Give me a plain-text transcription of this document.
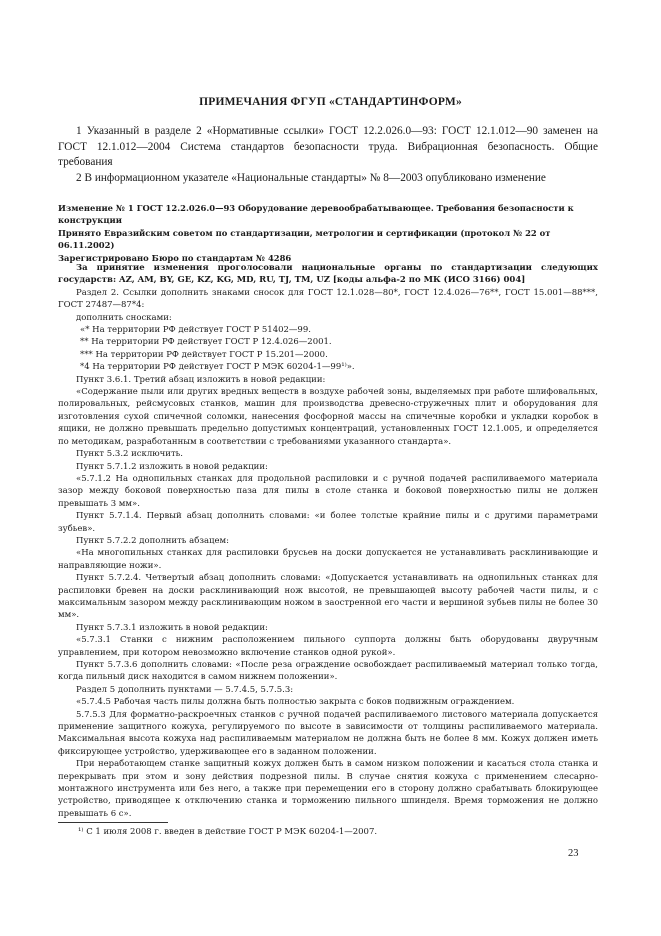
ПРИМЕЧАНИЯ ФГУП «СТАНДАРТИНФОРМ»

1 Указанный в разделе 2 «Нормативные ссылки» ГОСТ 12.2.026.0—93: ГОСТ 12.1.012—90 заменен на ГОСТ 12.1.012—2004 Система стандартов безопасности труда. Вибрационная безопасность. Общие требования

2 В информационном указателе «Национальные стандарты» № 8—2003 опубликовано изменение

Изменение № 1 ГОСТ 12.2.026.0—93 Оборудование деревообрабатывающее. Требования безопасности к конструкции

Принято Евразийским советом по стандартизации, метрологии и сертификации (протокол № 22 от 06.11.2002)

Зарегистрировано Бюро по стандартам № 4286

За принятие изменения проголосовали национальные органы по стандартизации следующих государств: AZ, AM, BY, GE, KZ, KG, MD, RU, TJ, TM, UZ [коды альфа-2 по МК (ИСО 3166) 004]

Раздел 2. Ссылки дополнить знаками сносок для ГОСТ 12.1.028—80*, ГОСТ 12.4.026—76**, ГОСТ 15.001—88***, ГОСТ 27487—87*4:

дополнить сносками:

«* На территории РФ действует ГОСТ Р 51402—99.

** На территории РФ действует ГОСТ Р 12.4.026—2001.

*** На территории РФ действует ГОСТ Р 15.201—2000.

*4 На территории РФ действует ГОСТ Р МЭК 60204-1—99¹⁾».

Пункт 3.6.1. Третий абзац изложить в новой редакции:

«Содержание пыли или других вредных веществ в воздухе рабочей зоны, выделяемых при работе шлифовальных, полировальных, рейсмусовых станков, машин для производства древесно-стружечных плит и оборудования для изготовления сухой спичечной соломки, нанесения фосфорной массы на спичечные коробки и укладки коробок в ящики, не должно превышать предельно допустимых концентраций, установленных ГОСТ 12.1.005, и определяется по методикам, разработанным в соответствии с требованиями указанного стандарта».

Пункт 5.3.2 исключить.

Пункт 5.7.1.2 изложить в новой редакции:

«5.7.1.2 На однопильных станках для продольной распиловки и с ручной подачей распиливаемого материала зазор между боковой поверхностью паза для пилы в столе станка и боковой поверхностью пилы не должен превышать 3 мм».

Пункт 5.7.1.4. Первый абзац дополнить словами: «и более толстые крайние пилы и с другими параметрами зубьев».

Пункт 5.7.2.2 дополнить абзацем:

«На многопильных станках для распиловки брусьев на доски допускается не устанавливать расклинивающие и направляющие ножи».

Пункт 5.7.2.4. Четвертый абзац дополнить словами: «Допускается устанавливать на однопильных станках для распиловки бревен на доски расклинивающий нож высотой, не превышающей высоту рабочей части пилы, и с максимальным зазором между расклинивающим ножом в заостренной его части и вершиной зубьев пилы не более 30 мм».

Пункт 5.7.3.1 изложить в новой редакции:

«5.7.3.1 Станки с нижним расположением пильного суппорта должны быть оборудованы двуручным управлением, при котором невозможно включение станков одной рукой».

Пункт 5.7.3.6 дополнить словами: «После реза ограждение освобождает распиливаемый материал только тогда, когда пильный диск находится в самом нижнем положении».

Раздел 5 дополнить пунктами — 5.7.4.5, 5.7.5.3:

«5.7.4.5 Рабочая часть пилы должна быть полностью закрыта с боков подвижным ограждением.

5.7.5.3 Для форматно-раскроечных станков с ручной подачей распиливаемого листового материала допускается применение защитного кожуха, регулируемого по высоте в зависимости от толщины распиливаемого материала. Максимальная высота кожуха над распиливаемым материалом не должна быть не более 8 мм. Кожух должен иметь фиксирующее устройство, удерживающее его в заданном положении.

При неработающем станке защитный кожух должен быть в самом низком положении и касаться стола станка и перекрывать при этом и зону действия подрезной пилы. В случае снятия кожуха с применением слесарно-монтажного инструмента или без него, а также при перемещении его в сторону должно срабатывать блокирующее устройство, приводящее к отключению станка и торможению пильного шпинделя. Время торможения не должно превышать 6 с».

¹⁾ С 1 июля 2008 г. введен в действие ГОСТ Р МЭК 60204-1—2007.
23
